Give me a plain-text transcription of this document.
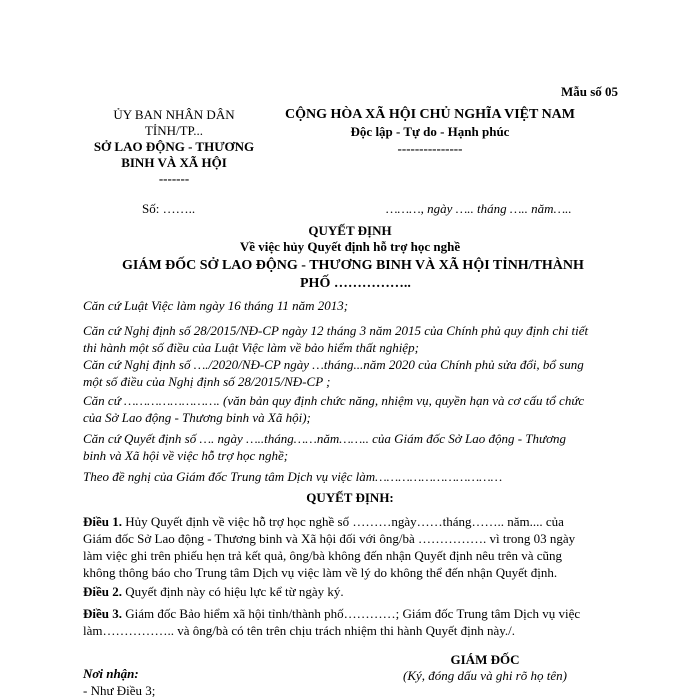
Mẫu số 05
ỦY BAN NHÂN DÂN
TỈNH/TP...
SỞ LAO ĐỘNG - THƯƠNG
BINH VÀ XÃ HỘI
-------
CỘNG HÒA XÃ HỘI CHỦ NGHĨA VIỆT NAM
Độc lập - Tự do - Hạnh phúc
---------------
Số: ……..	………, ngày ….. tháng ….. năm…..
QUYẾT ĐỊNH
Về việc hủy Quyết định hỗ trợ học nghề
GIÁM ĐỐC SỞ LAO ĐỘNG - THƯƠNG BINH VÀ XÃ HỘI TỈNH/THÀNH
PHỐ ……………..
Căn cứ Luật Việc làm ngày 16 tháng 11 năm 2013;
Căn cứ Nghị định số 28/2015/NĐ-CP ngày 12 tháng 3 năm 2015 của Chính phủ quy định chi tiết
thi hành một số điều của Luật Việc làm về bảo hiểm thất nghiệp;
Căn cứ Nghị định số …./2020/NĐ-CP ngày …tháng...năm 2020 của Chính phủ sửa đổi, bổ sung
một số điều của Nghị định số 28/2015/NĐ-CP ;
Căn cứ ……………………. (văn bản quy định chức năng, nhiệm vụ, quyền hạn và cơ cấu tổ chức
của Sở Lao động - Thương binh và Xã hội);
Căn cứ Quyết định số …. ngày …..tháng……năm…….. của Giám đốc Sở Lao động - Thương
binh và Xã hội về việc hỗ trợ học nghề;
Theo đề nghị của Giám đốc Trung tâm Dịch vụ việc làm……………………………
QUYẾT ĐỊNH:
Điều 1. Hủy Quyết định về việc hỗ trợ học nghề số ………ngày……tháng…….. năm.... của
Giám đốc Sở Lao động - Thương binh và Xã hội đối với ông/bà ……………. vì trong 03 ngày
làm việc ghi trên phiếu hẹn trả kết quả, ông/bà không đến nhận Quyết định nêu trên và cũng
không thông báo cho Trung tâm Dịch vụ việc làm về lý do không thể đến nhận Quyết định.
Điều 2. Quyết định này có hiệu lực kể từ ngày ký.
Điều 3. Giám đốc Bảo hiểm xã hội tỉnh/thành phố…………; Giám đốc Trung tâm Dịch vụ việc
làm…………….. và ông/bà có tên trên chịu trách nhiệm thi hành Quyết định này./.
GIÁM ĐỐC
Nơi nhận:	(Ký, đóng dấu và ghi rõ họ tên)
- Như Điều 3;
